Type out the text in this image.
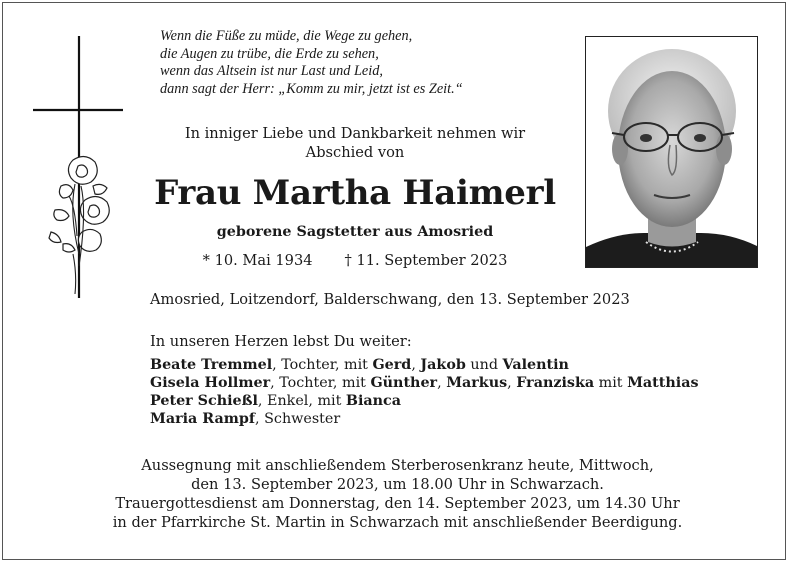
Wenn die Füße zu müde, die Wege zu gehen,
die Augen zu trübe, die Erde zu sehen,
wenn das Altsein ist nur Last und Leid,
dann sagt der Herr: „Komm zu mir, jetzt ist es Zeit.“
In inniger Liebe und Dankbarkeit nehmen wir
Abschied von
Frau Martha Haimerl
geborene Sagstetter aus Amosried
* 10. Mai 1934 † 11. September 2023
Amosried, Loitzendorf, Balderschwang, den 13. September 2023
In unseren Herzen lebst Du weiter:
Beate Tremmel, Tochter, mit Gerd, Jakob und Valentin
Gisela Hollmer, Tochter, mit Günther, Markus, Franziska mit Matthias
Peter Schießl, Enkel, mit Bianca
Maria Rampf, Schwester
Aussegnung mit anschließendem Sterberosenkranz heute, Mittwoch,
den 13. September 2023, um 18.00 Uhr in Schwarzach.
Trauergottesdienst am Donnerstag, den 14. September 2023, um 14.30 Uhr
in der Pfarrkirche St. Martin in Schwarzach mit anschließender Beerdigung.
